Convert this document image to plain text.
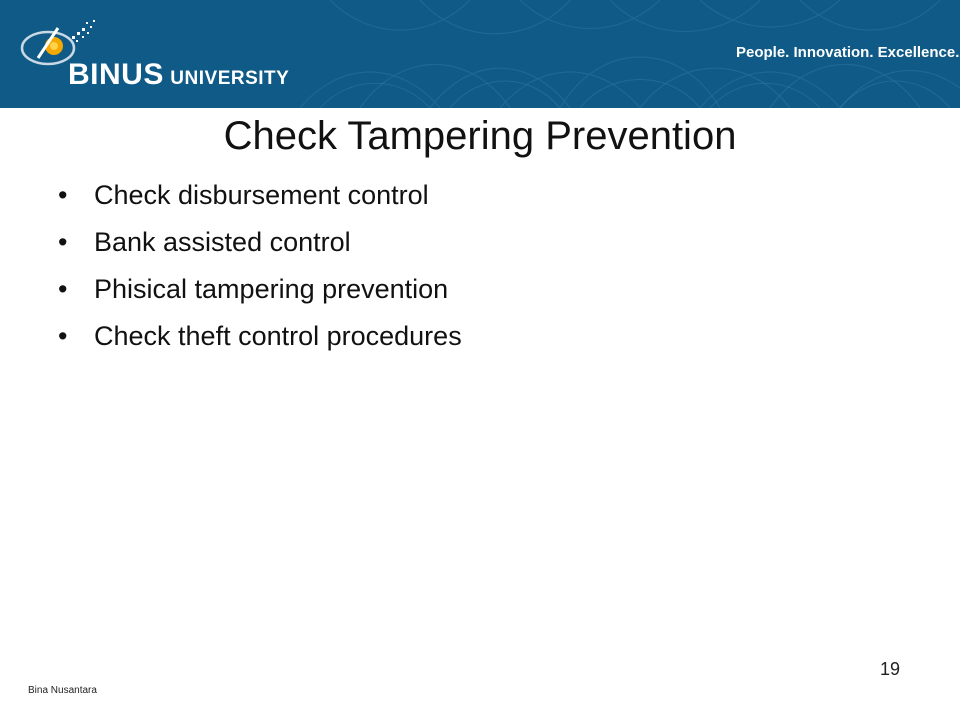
BINUS UNIVERSITY
People. Innovation. Excellence.
Check Tampering Prevention
• Check disbursement control
• Bank assisted control
• Phisical tampering prevention
• Check theft control procedures
Bina Nusantara
19
